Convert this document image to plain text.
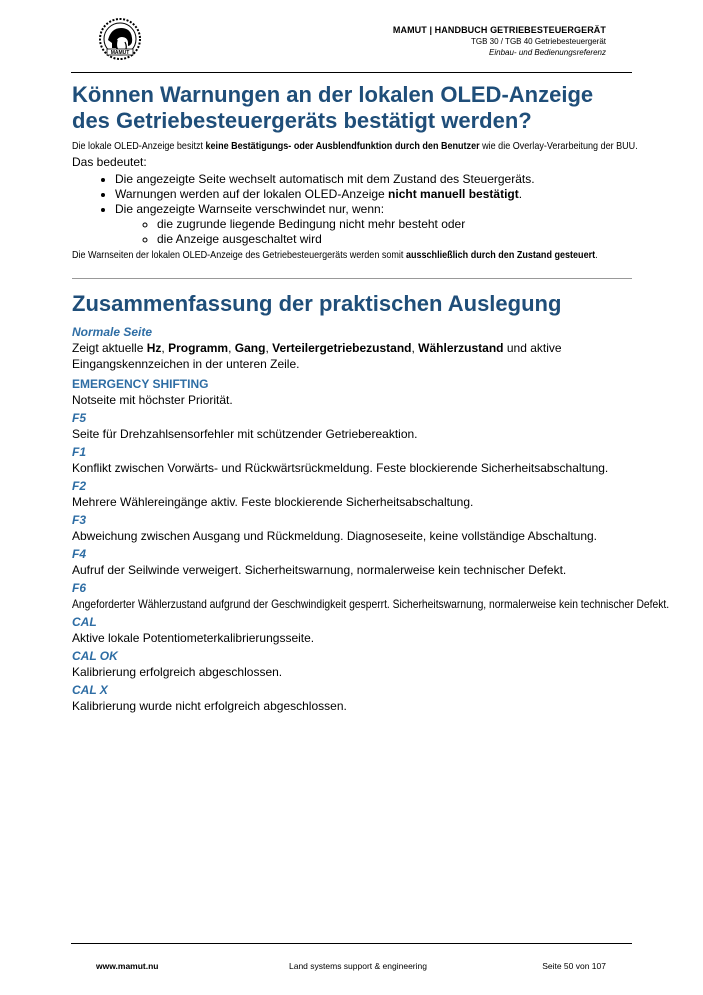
MAMUT
MAMUT | HANDBUCH GETRIEBESTEUERGERÄT
TGB 30 / TGB 40 Getriebesteuergerät
Einbau- und Bedienungsreferenz
Können Warnungen an der lokalen OLED-Anzeige des Getriebesteuergeräts bestätigt werden?

Die lokale OLED-Anzeige besitzt keine Bestätigungs- oder Ausblendfunktion durch den Benutzer wie die Overlay-Verarbeitung der BUU.

Das bedeutet:

• Die angezeigte Seite wechselt automatisch mit dem Zustand des Steuergeräts.
• Warnungen werden auf der lokalen OLED-Anzeige nicht manuell bestätigt.
• Die angezeigte Warnseite verschwindet nur, wenn:
◦ die zugrunde liegende Bedingung nicht mehr besteht oder
◦ die Anzeige ausgeschaltet wird

Die Warnseiten der lokalen OLED-Anzeige des Getriebesteuergeräts werden somit ausschließlich durch den Zustand gesteuert.

Zusammenfassung der praktischen Auslegung
Normale Seite

Zeigt aktuelle Hz, Programm, Gang, Verteilergetriebezustand, Wählerzustand und aktive Eingangskennzeichen in der unteren Zeile.

EMERGENCY SHIFTING

Notseite mit höchster Priorität.

F5

Seite für Drehzahlsensorfehler mit schützender Getriebereaktion.

F1

Konflikt zwischen Vorwärts- und Rückwärtsrückmeldung. Feste blockierende Sicherheitsabschaltung.

F2

Mehrere Wählereingänge aktiv. Feste blockierende Sicherheitsabschaltung.

F3

Abweichung zwischen Ausgang und Rückmeldung. Diagnoseseite, keine vollständige Abschaltung.

F4

Aufruf der Seilwinde verweigert. Sicherheitswarnung, normalerweise kein technischer Defekt.

F6

Angeforderter Wählerzustand aufgrund der Geschwindigkeit gesperrt. Sicherheitswarnung, normalerweise kein technischer Defekt.

CAL

Aktive lokale Potentiometerkalibrierungsseite.

CAL OK

Kalibrierung erfolgreich abgeschlossen.

CAL X

Kalibrierung wurde nicht erfolgreich abgeschlossen.

www.mamut.nu	Land systems support & engineering	Seite 50 von 107
